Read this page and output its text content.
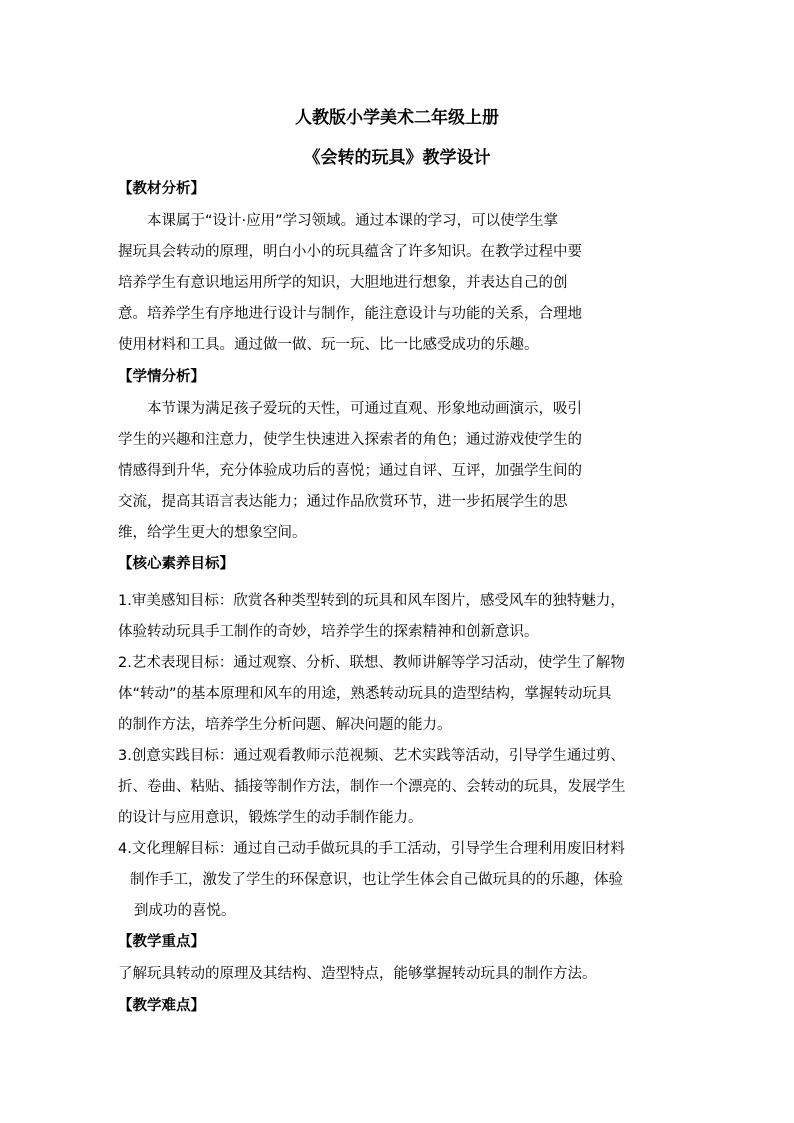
人教版小学美术二年级上册
《会转的玩具》教学设计
【教材分析】
本课属于“设计·应用”学习领域。通过本课的学习，可以使学生掌
握玩具会转动的原理，明白小小的玩具蕴含了许多知识。在教学过程中要
培养学生有意识地运用所学的知识，大胆地进行想象，并表达自己的创
意。培养学生有序地进行设计与制作，能注意设计与功能的关系，合理地
使用材料和工具。通过做一做、玩一玩、比一比感受成功的乐趣。
【学情分析】
本节课为满足孩子爱玩的天性，可通过直观、形象地动画演示，吸引
学生的兴趣和注意力，使学生快速进入探索者的角色；通过游戏使学生的
情感得到升华，充分体验成功后的喜悦；通过自评、互评，加强学生间的
交流，提高其语言表达能力；通过作品欣赏环节，进一步拓展学生的思
维，给学生更大的想象空间。
【核心素养目标】
1.审美感知目标：欣赏各种类型转到的玩具和风车图片，感受风车的独特魅力，
体验转动玩具手工制作的奇妙，培养学生的探索精神和创新意识。
2.艺术表现目标：通过观察、分析、联想、教师讲解等学习活动，使学生了解物
体“转动”的基本原理和风车的用途，熟悉转动玩具的造型结构，掌握转动玩具
的制作方法，培养学生分析问题、解决问题的能力。
3.创意实践目标：通过观看教师示范视频、艺术实践等活动，引导学生通过剪、
折、卷曲、粘贴、插接等制作方法，制作一个漂亮的、会转动的玩具，发展学生
的设计与应用意识，锻炼学生的动手制作能力。
4.文化理解目标：通过自己动手做玩具的手工活动，引导学生合理利用废旧材料
制作手工，激发了学生的环保意识，也让学生体会自己做玩具的的乐趣，体验
到成功的喜悦。
【教学重点】
了解玩具转动的原理及其结构、造型特点，能够掌握转动玩具的制作方法。
【教学难点】
